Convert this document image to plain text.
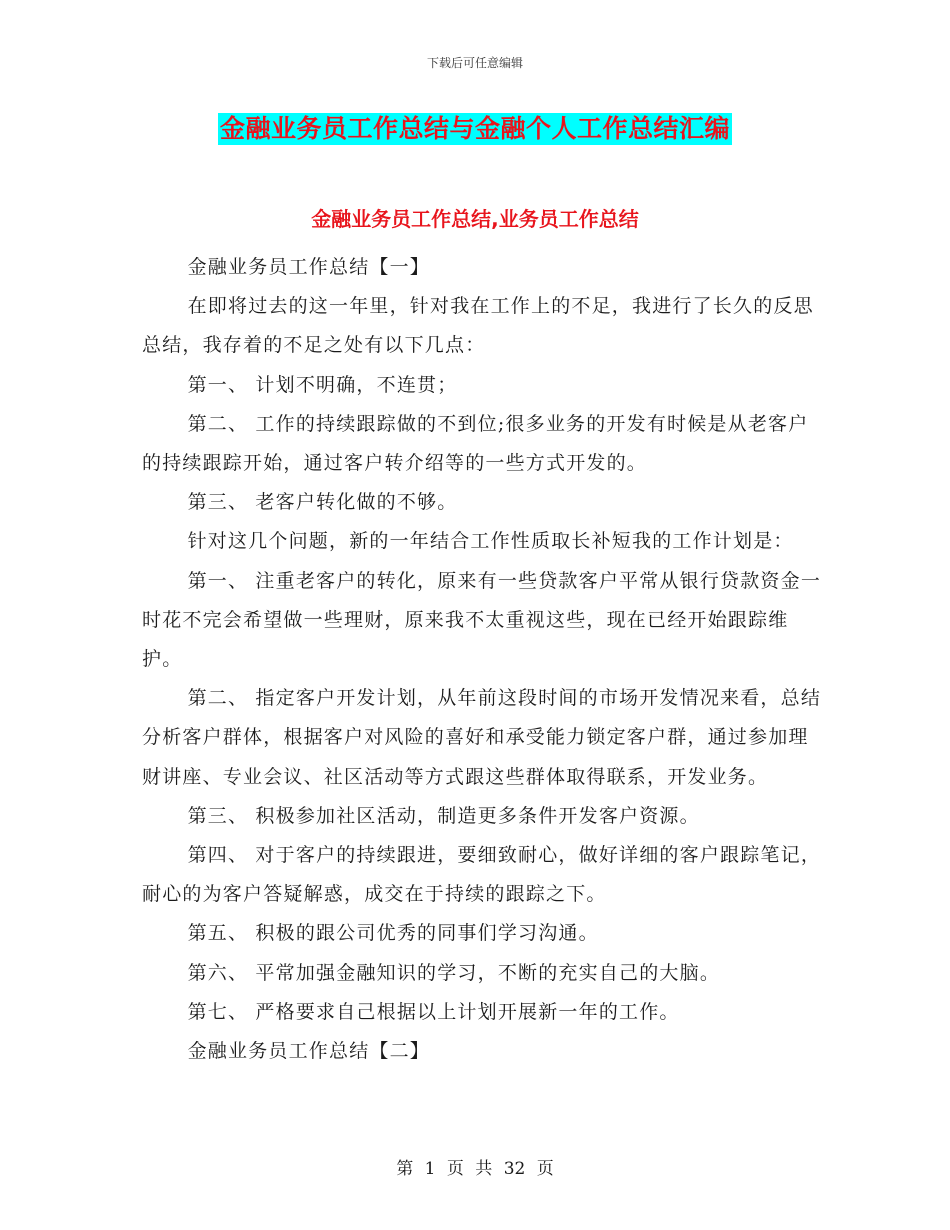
下载后可任意编辑
金融业务员工作总结与金融个人工作总结汇编
金融业务员工作总结,业务员工作总结

金融业务员工作总结【一】

在即将过去的这一年里，针对我在工作上的不足，我进行了长久的反思总结，我存着的不足之处有以下几点：

第一、 计划不明确，不连贯；

第二、 工作的持续跟踪做的不到位;很多业务的开发有时候是从老客户的持续跟踪开始，通过客户转介绍等的一些方式开发的。

第三、 老客户转化做的不够。

针对这几个问题，新的一年结合工作性质取长补短我的工作计划是：

第一、 注重老客户的转化，原来有一些贷款客户平常从银行贷款资金一时花不完会希望做一些理财，原来我不太重视这些，现在已经开始跟踪维护。

第二、 指定客户开发计划，从年前这段时间的市场开发情况来看，总结分析客户群体，根据客户对风险的喜好和承受能力锁定客户群，通过参加理财讲座、专业会议、社区活动等方式跟这些群体取得联系，开发业务。

第三、 积极参加社区活动，制造更多条件开发客户资源。

第四、 对于客户的持续跟进，要细致耐心，做好详细的客户跟踪笔记，耐心的为客户答疑解惑，成交在于持续的跟踪之下。

第五、 积极的跟公司优秀的同事们学习沟通。

第六、 平常加强金融知识的学习，不断的充实自己的大脑。

第七、 严格要求自己根据以上计划开展新一年的工作。

金融业务员工作总结【二】

第 1 页 共 32 页
